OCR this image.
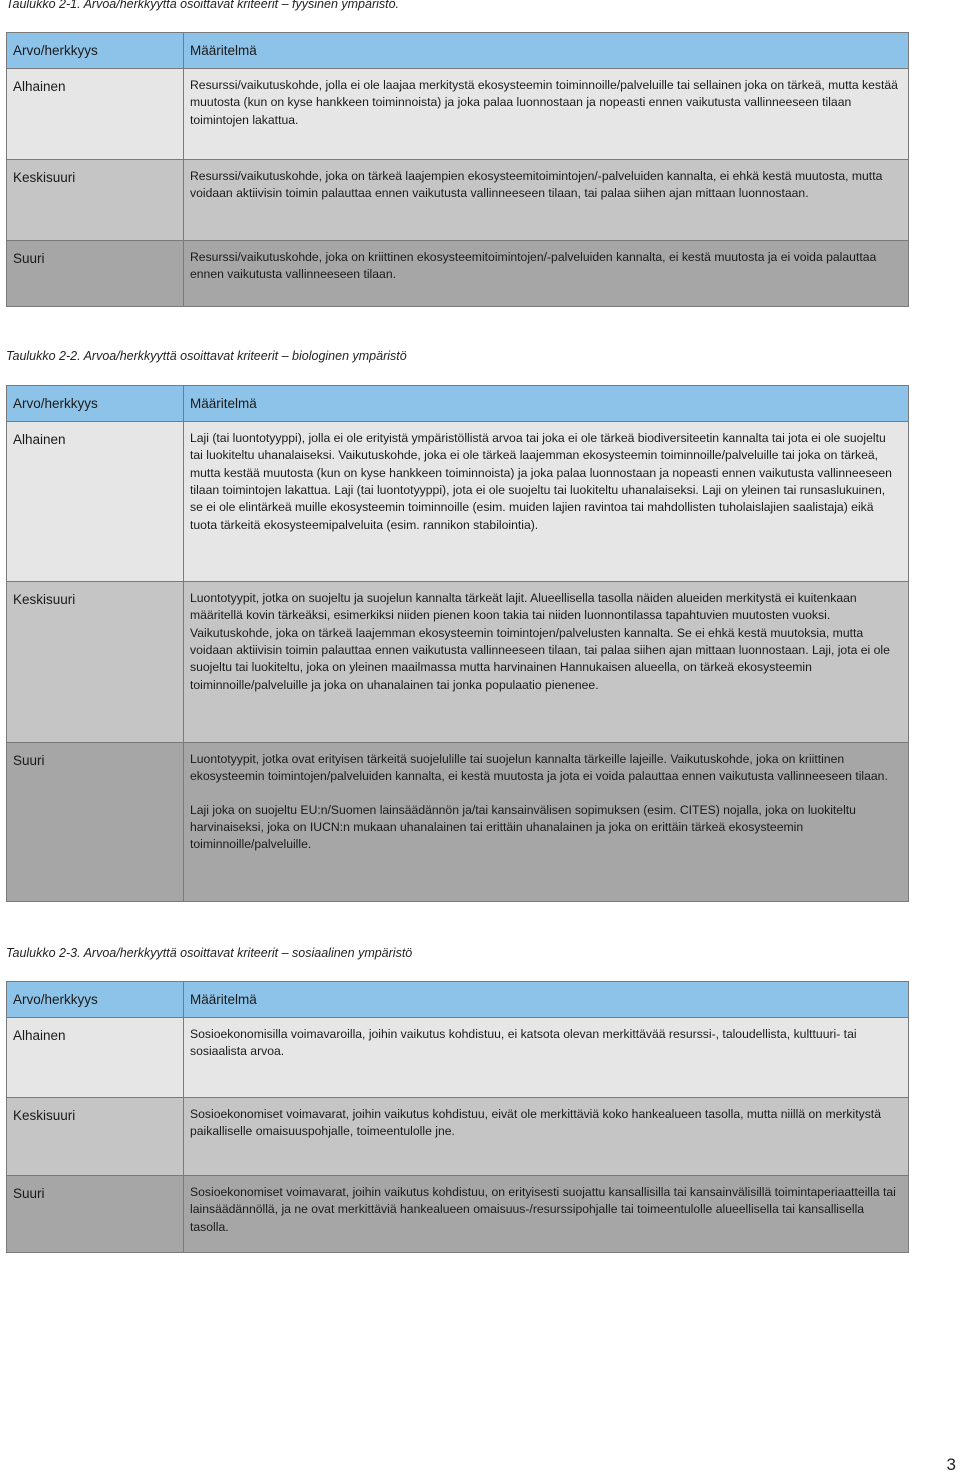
Taulukko 2-1. Arvoa/herkkyyttä osoittavat kriteerit – fyysinen ympäristö.
Arvo/herkkyys	Määritelmä

Alhainen	Resurssi/vaikutuskohde, jolla ei ole laajaa merkitystä ekosysteemin toiminnoille/palveluille tai sellainen joka on tärkeä, mutta kestää muutosta (kun on kyse hankkeen toiminnoista) ja joka palaa luonnostaan ja nopeasti ennen vaikutusta vallinneeseen tilaan toimintojen lakattua.

Keskisuuri	Resurssi/vaikutuskohde, joka on tärkeä laajempien ekosysteemitoimintojen/-palveluiden kannalta, ei ehkä kestä muutosta, mutta voidaan aktiivisin toimin palauttaa ennen vaikutusta vallinneeseen tilaan, tai palaa siihen ajan mittaan luonnostaan.

Suuri	Resurssi/vaikutuskohde, joka on kriittinen ekosysteemitoimintojen/-palveluiden kannalta, ei kestä muutosta ja ei voida palauttaa ennen vaikutusta vallinneeseen tilaan.
Taulukko 2-2. Arvoa/herkkyyttä osoittavat kriteerit – biologinen ympäristö
Arvo/herkkyys	Määritelmä

Alhainen	Laji (tai luontotyyppi), jolla ei ole erityistä ympäristöllistä arvoa tai joka ei ole tärkeä biodiversiteetin kannalta tai jota ei ole suojeltu tai luokiteltu uhanalaiseksi. Vaikutuskohde, joka ei ole tärkeä laajemman ekosysteemin toiminnoille/palveluille tai joka on tärkeä, mutta kestää muutosta (kun on kyse hankkeen toiminnoista) ja joka palaa luonnostaan ja nopeasti ennen vaikutusta vallinneeseen tilaan toimintojen lakattua. Laji (tai luontotyyppi), jota ei ole suojeltu tai luokiteltu uhanalaiseksi. Laji on yleinen tai runsaslukuinen, se ei ole elintärkeä muille ekosysteemin toiminnoille (esim. muiden lajien ravintoa tai mahdollisten tuholaislajien saalistaja) eikä tuota tärkeitä ekosysteemipalveluita (esim. rannikon stabilointia).

Keskisuuri	Luontotyypit, jotka on suojeltu ja suojelun kannalta tärkeät lajit. Alueellisella tasolla näiden alueiden merkitystä ei kuitenkaan määritellä kovin tärkeäksi, esimerkiksi niiden pienen koon takia tai niiden luonnontilassa tapahtuvien muutosten vuoksi. Vaikutuskohde, joka on tärkeä laajemman ekosysteemin toimintojen/palvelusten kannalta. Se ei ehkä kestä muutoksia, mutta voidaan aktiivisin toimin palauttaa ennen vaikutusta vallinneeseen tilaan, tai palaa siihen ajan mittaan luonnostaan. Laji, jota ei ole suojeltu tai luokiteltu, joka on yleinen maailmassa mutta harvinainen Hannukaisen alueella, on tärkeä ekosysteemin toiminnoille/palveluille ja joka on uhanalainen tai jonka populaatio pienenee.

Suuri	Luontotyypit, jotka ovat erityisen tärkeitä suojelulille tai suojelun kannalta tärkeille lajeille. Vaikutuskohde, joka on kriittinen ekosysteemin toimintojen/palveluiden kannalta, ei kestä muutosta ja jota ei voida palauttaa ennen vaikutusta vallinneeseen tilaan.
Laji joka on suojeltu EU:n/Suomen lainsäädännön ja/tai kansainvälisen sopimuksen (esim. CITES) nojalla, joka on luokiteltu harvinaiseksi, joka on IUCN:n mukaan uhanalainen tai erittäin uhanalainen ja joka on erittäin tärkeä ekosysteemin toiminnoille/palveluille.
Taulukko 2-3. Arvoa/herkkyyttä osoittavat kriteerit – sosiaalinen ympäristö
Arvo/herkkyys	Määritelmä

Alhainen	Sosioekonomisilla voimavaroilla, joihin vaikutus kohdistuu, ei katsota olevan merkittävää resurssi-, taloudellista, kulttuuri- tai sosiaalista arvoa.

Keskisuuri	Sosioekonomiset voimavarat, joihin vaikutus kohdistuu, eivät ole merkittäviä koko hankealueen tasolla, mutta niillä on merkitystä paikalliselle omaisuuspohjalle, toimeentulolle jne.

Suuri	Sosioekonomiset voimavarat, joihin vaikutus kohdistuu, on erityisesti suojattu kansallisilla tai kansainvälisillä toimintaperiaatteilla tai lainsäädännöllä, ja ne ovat merkittäviä hankealueen omaisuus-/resurssipohjalle tai toimeentulolle alueellisella tai kansallisella tasolla.
3
